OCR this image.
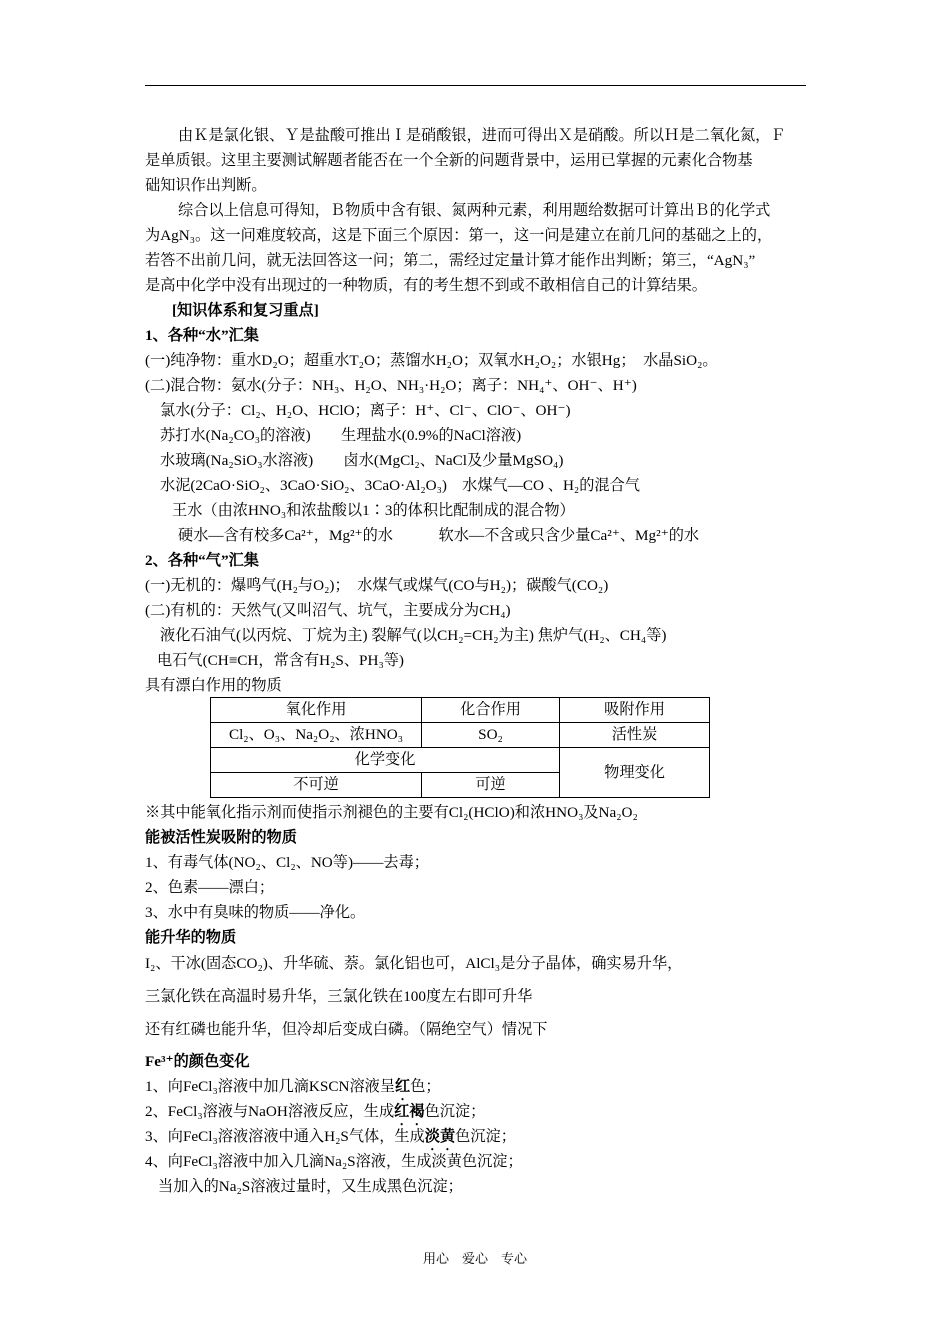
由Ｋ是氯化银、Ｙ是盐酸可推出Ｉ是硝酸银，进而可得出Ｘ是硝酸。所以Ｈ是二氧化氮，Ｆ
是单质银。这里主要测试解题者能否在一个全新的问题背景中，运用已掌握的元素化合物基
础知识作出判断。
综合以上信息可得知，Ｂ物质中含有银、氮两种元素，利用题给数据可计算出Ｂ的化学式
为AgN₃。这一问难度较高，这是下面三个原因：第一，这一问是建立在前几问的基础之上的，
若答不出前几问，就无法回答这一问；第二，需经过定量计算才能作出判断；第三，“AgN₃”
是高中化学中没有出现过的一种物质，有的考生想不到或不敢相信自己的计算结果。
[知识体系和复习重点]
1、各种“水”汇集
(一)纯净物：重水D₂O；超重水T₂O；蒸馏水H₂O；双氧水H₂O₂；水银Hg；　水晶SiO₂。
(二)混合物：氨水(分子：NH₃、H₂O、NH₃·H₂O；离子：NH₄⁺、OH⁻、H⁺)
氯水(分子：Cl₂、H₂O、HClO；离子：H⁺、Cl⁻、ClO⁻、OH⁻)
苏打水(Na₂CO₃的溶液)　　生理盐水(0.9%的NaCl溶液)
水玻璃(Na₂SiO₃水溶液)　　卤水(MgCl₂、NaCl及少量MgSO₄)
水泥(2CaO·SiO₂、3CaO·SiO₂、3CaO·Al₂O₃)　水煤气—CO 、H₂的混合气
王水（由浓HNO₃和浓盐酸以1∶3的体积比配制成的混合物）
硬水—含有校多Ca²⁺，Mg²⁺的水　　　软水—不含或只含少量Ca²⁺、Mg²⁺的水
2、各种“气”汇集
(一)无机的：爆鸣气(H₂与O₂)；　水煤气或煤气(CO与H₂)；碳酸气(CO₂)
(二)有机的：天然气(又叫沼气、坑气，主要成分为CH₄)
液化石油气(以丙烷、丁烷为主) 裂解气(以CH₂=CH₂为主) 焦炉气(H₂、CH₄等)
电石气(CH≡CH，常含有H₂S、PH₃等)
具有漂白作用的物质
氧化作用	化合作用	吸附作用
Cl₂、O₃、Na₂O₂、浓HNO₃	SO₂	活性炭
化学变化		物理变化
不可逆	可逆	
※其中能氧化指示剂而使指示剂褪色的主要有Cl₂(HClO)和浓HNO₃及Na₂O₂
能被活性炭吸附的物质
1、有毒气体(NO₂、Cl₂、NO等)——去毒；
2、色素——漂白；
3、水中有臭味的物质——净化。
能升华的物质
I₂、干冰(固态CO₂)、升华硫、萘。氯化铝也可，AlCl₃是分子晶体，确实易升华，
三氯化铁在高温时易升华，三氯化铁在100度左右即可升华
还有红磷也能升华，但冷却后变成白磷。（隔绝空气）情况下
Fe³⁺的颜色变化
1、向FeCl₃溶液中加几滴KSCN溶液呈红色；
2、FeCl₃溶液与NaOH溶液反应，生成红褐色沉淀；
3、向FeCl₃溶液溶液中通入H₂S气体，生成淡黄色沉淀；
4、向FeCl₃溶液中加入几滴Na₂S溶液，生成淡黄色沉淀；
当加入的Na₂S溶液过量时，又生成黑色沉淀；
用心　爱心　专心
